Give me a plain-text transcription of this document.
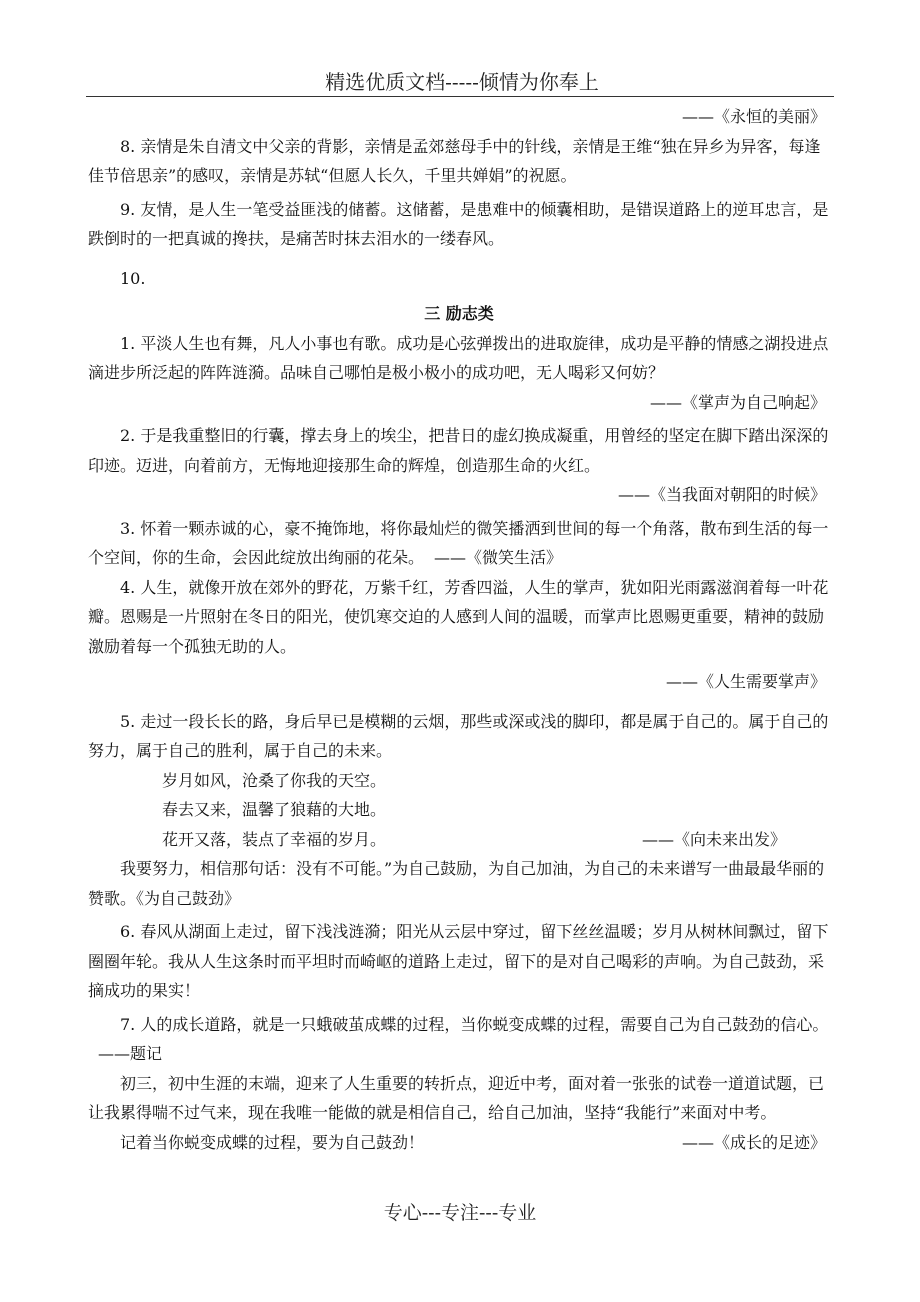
精选优质文档-----倾情为你奉上

——《永恒的美丽》

8. 亲情是朱自清文中父亲的背影，亲情是孟郊慈母手中的针线，亲情是王维“独在异乡为异客，每逢佳节倍思亲”的感叹，亲情是苏轼“但愿人长久，千里共婵娟”的祝愿。

9. 友情，是人生一笔受益匪浅的储蓄。这储蓄，是患难中的倾囊相助，是错误道路上的逆耳忠言，是跌倒时的一把真诚的搀扶，是痛苦时抹去泪水的一缕春风。

10.

三 励志类

1. 平淡人生也有舞，凡人小事也有歌。成功是心弦弹拨出的进取旋律，成功是平静的情感之湖投进点滴进步所泛起的阵阵涟漪。品味自己哪怕是极小极小的成功吧，无人喝彩又何妨？

——《掌声为自己响起》

2. 于是我重整旧的行囊，撑去身上的埃尘，把昔日的虚幻换成凝重，用曾经的坚定在脚下踏出深深的印迹。迈进，向着前方，无悔地迎接那生命的辉煌，创造那生命的火红。

——《当我面对朝阳的时候》

3. 怀着一颗赤诚的心，豪不掩饰地，将你最灿烂的微笑播洒到世间的每一个角落，散布到生活的每一个空间，你的生命，会因此绽放出绚丽的花朵。 ——《微笑生活》

4. 人生，就像开放在郊外的野花，万紫千红，芳香四溢，人生的掌声，犹如阳光雨露滋润着每一叶花瓣。恩赐是一片照射在冬日的阳光，使饥寒交迫的人感到人间的温暖，而掌声比恩赐更重要，精神的鼓励激励着每一个孤独无助的人。

——《人生需要掌声》

5. 走过一段长长的路，身后早已是模糊的云烟，那些或深或浅的脚印，都是属于自己的。属于自己的努力，属于自己的胜利，属于自己的未来。

岁月如风，沧桑了你我的天空。

春去又来，温馨了狼藉的大地。

花开又落，装点了幸福的岁月。	——《向未来出发》

我要努力，相信那句话：没有不可能。”为自己鼓励，为自己加油，为自己的未来谱写一曲最最华丽的赞歌。《为自己鼓劲》

6. 春风从湖面上走过，留下浅浅涟漪；阳光从云层中穿过，留下丝丝温暖；岁月从树林间飘过，留下圈圈年轮。我从人生这条时而平坦时而崎岖的道路上走过，留下的是对自己喝彩的声响。为自己鼓劲，采摘成功的果实！

7. 人的成长道路，就是一只蛾破茧成蝶的过程，当你蜕变成蝶的过程，需要自己为自己鼓劲的信心。——题记

初三，初中生涯的末端，迎来了人生重要的转折点，迎近中考，面对着一张张的试卷一道道试题，已让我累得喘不过气来，现在我唯一能做的就是相信自己，给自己加油，坚持“我能行”来面对中考。

记着当你蜕变成蝶的过程，要为自己鼓劲！	——《成长的足迹》

专心---专注---专业
